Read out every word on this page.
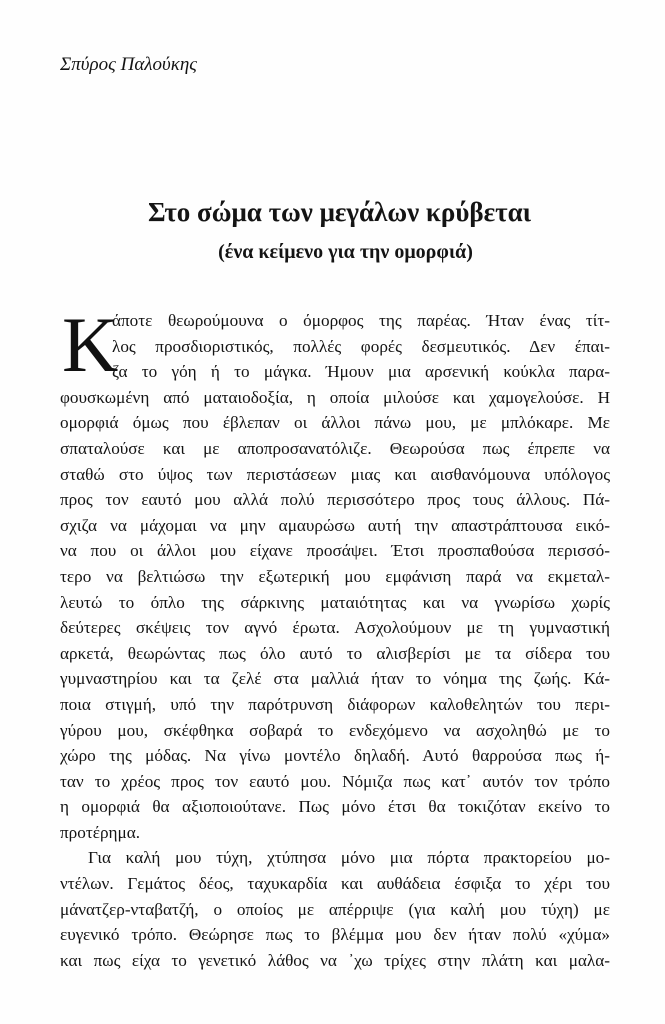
Σπύρος Παλούκης
Στο σώμα των μεγάλων κρύβεται
(ένα κείμενο για την ομορφιά)
Κ
άποτε θεωρούμουνα ο όμορφος της παρέας. Ήταν ένας τίτ-
λος προσδιοριστικός, πολλές φορές δεσμευτικός. Δεν έπαι-
ζα το γόη ή το μάγκα. Ήμουν μια αρσενική κούκλα παρα-
φουσκωμένη από ματαιοδοξία, η οποία μιλούσε και χαμογελούσε. Η
ομορφιά όμως που έβλεπαν οι άλλοι πάνω μου, με μπλόκαρε. Με
σπαταλούσε και με αποπροσανατόλιζε. Θεωρούσα πως έπρεπε να
σταθώ στο ύψος των περιστάσεων μιας και αισθανόμουνα υπόλογος
προς τον εαυτό μου αλλά πολύ περισσότερο προς τους άλλους. Πά-
σχιζα να μάχομαι να μην αμαυρώσω αυτή την απαστράπτουσα εικό-
να που οι άλλοι μου είχανε προσάψει. Έτσι προσπαθούσα περισσό-
τερο να βελτιώσω την εξωτερική μου εμφάνιση παρά να εκμεταλ-
λευτώ το όπλο της σάρκινης ματαιότητας και να γνωρίσω χωρίς
δεύτερες σκέψεις τον αγνό έρωτα. Ασχολούμουν με τη γυμναστική
αρκετά, θεωρώντας πως όλο αυτό το αλισβερίσι με τα σίδερα του
γυμναστηρίου και τα ζελέ στα μαλλιά ήταν το νόημα της ζωής. Κά-
ποια στιγμή, υπό την παρότρυνση διάφορων καλοθελητών του περι-
γύρου μου, σκέφθηκα σοβαρά το ενδεχόμενο να ασχοληθώ με το
χώρο της μόδας. Να γίνω μοντέλο δηλαδή. Αυτό θαρρούσα πως ή-
ταν το χρέος προς τον εαυτό μου. Νόμιζα πως κατ᾽ αυτόν τον τρόπο
η ομορφιά θα αξιοποιούτανε. Πως μόνο έτσι θα τοκιζόταν εκείνο το
προτέρημα.
Για καλή μου τύχη, χτύπησα μόνο μια πόρτα πρακτορείου μο-
ντέλων. Γεμάτος δέος, ταχυκαρδία και αυθάδεια έσφιξα το χέρι του
μάνατζερ-νταβατζή, ο οποίος με απέρριψε (για καλή μου τύχη) με
ευγενικό τρόπο. Θεώρησε πως το βλέμμα μου δεν ήταν πολύ «χύμα»
και πως είχα το γενετικό λάθος να ᾽χω τρίχες στην πλάτη και μαλα-
